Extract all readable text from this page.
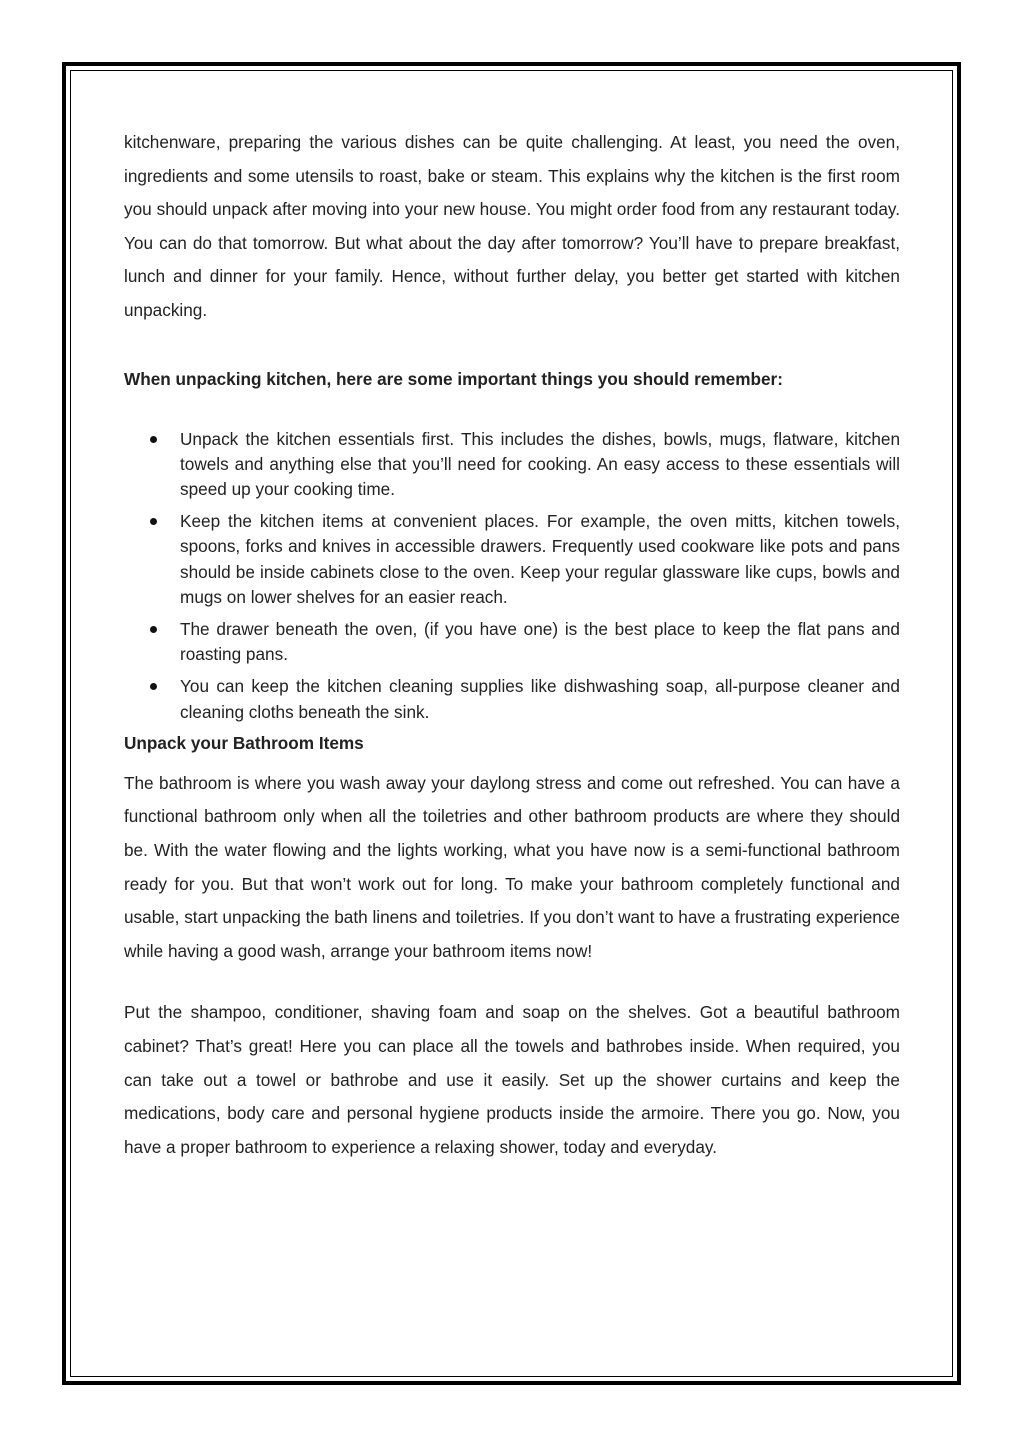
kitchenware, preparing the various dishes can be quite challenging. At least, you need the oven, ingredients and some utensils to roast, bake or steam. This explains why the kitchen is the first room you should unpack after moving into your new house. You might order food from any restaurant today. You can do that tomorrow. But what about the day after tomorrow? You’ll have to prepare breakfast, lunch and dinner for your family. Hence, without further delay, you better get started with kitchen unpacking.

When unpacking kitchen, here are some important things you should remember:

Unpack the kitchen essentials first. This includes the dishes, bowls, mugs, flatware, kitchen towels and anything else that you’ll need for cooking. An easy access to these essentials will speed up your cooking time.
Keep the kitchen items at convenient places. For example, the oven mitts, kitchen towels, spoons, forks and knives in accessible drawers. Frequently used cookware like pots and pans should be inside cabinets close to the oven. Keep your regular glassware like cups, bowls and mugs on lower shelves for an easier reach.
The drawer beneath the oven, (if you have one) is the best place to keep the flat pans and roasting pans.
You can keep the kitchen cleaning supplies like dishwashing soap, all-purpose cleaner and cleaning cloths beneath the sink.

Unpack your Bathroom Items

The bathroom is where you wash away your daylong stress and come out refreshed. You can have a functional bathroom only when all the toiletries and other bathroom products are where they should be. With the water flowing and the lights working, what you have now is a semi-functional bathroom ready for you. But that won’t work out for long. To make your bathroom completely functional and usable, start unpacking the bath linens and toiletries. If you don’t want to have a frustrating experience while having a good wash, arrange your bathroom items now!

Put the shampoo, conditioner, shaving foam and soap on the shelves. Got a beautiful bathroom cabinet? That’s great! Here you can place all the towels and bathrobes inside. When required, you can take out a towel or bathrobe and use it easily. Set up the shower curtains and keep the medications, body care and personal hygiene products inside the armoire. There you go. Now, you have a proper bathroom to experience a relaxing shower, today and everyday.
